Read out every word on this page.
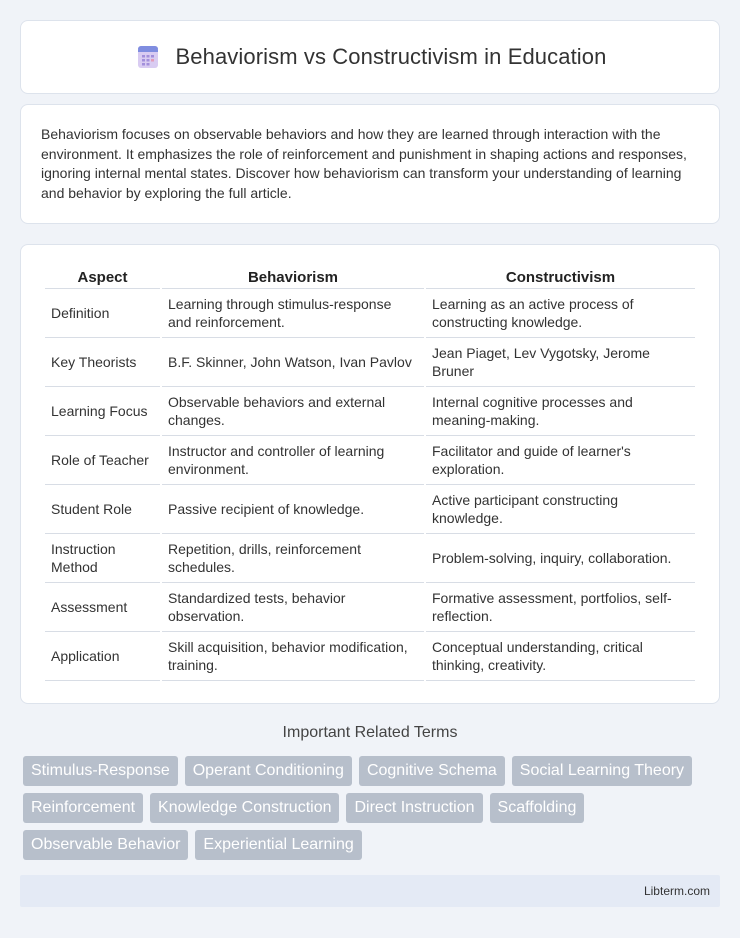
Behaviorism vs Constructivism in Education

Behaviorism focuses on observable behaviors and how they are learned through interaction with the environment. It emphasizes the role of reinforcement and punishment in shaping actions and responses, ignoring internal mental states. Discover how behaviorism can transform your understanding of learning and behavior by exploring the full article.

Aspect	Behaviorism	Constructivism
Definition	Learning through stimulus-response and reinforcement.	Learning as an active process of constructing knowledge.
Key Theorists	B.F. Skinner, John Watson, Ivan Pavlov	Jean Piaget, Lev Vygotsky, Jerome Bruner
Learning Focus	Observable behaviors and external changes.	Internal cognitive processes and meaning-making.
Role of Teacher	Instructor and controller of learning environment.	Facilitator and guide of learner's exploration.
Student Role	Passive recipient of knowledge.	Active participant constructing knowledge.
Instruction Method	Repetition, drills, reinforcement schedules.	Problem-solving, inquiry, collaboration.
Assessment	Standardized tests, behavior observation.	Formative assessment, portfolios, self-reflection.
Application	Skill acquisition, behavior modification, training.	Conceptual understanding, critical thinking, creativity.
Important Related Terms
Stimulus-Response	Operant Conditioning	Cognitive Schema	Social Learning Theory
Reinforcement	Knowledge Construction	Direct Instruction	Scaffolding
Observable Behavior	Experiential Learning
Libterm.com
